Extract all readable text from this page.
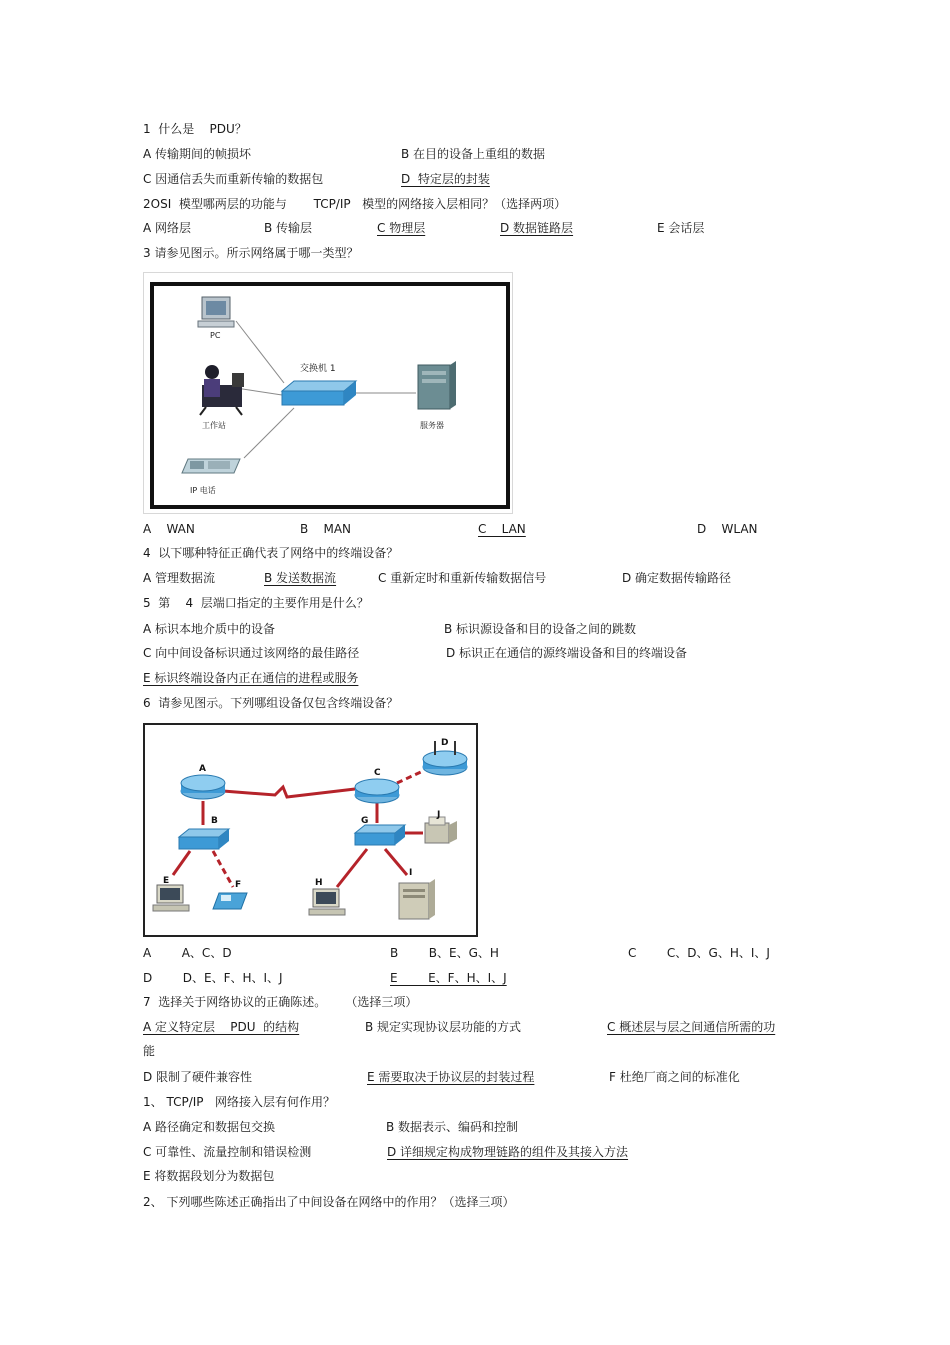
1  什么是    PDU？
A 传输期间的帧损坏	B 在目的设备上重组的数据
C 因通信丢失而重新传输的数据包	D  特定层的封装
2OSI  模型哪两层的功能与       TCP/IP   模型的网络接入层相同？（选择两项）
A 网络层	B 传输层	C 物理层	D 数据链路层	E 会话层
3 请参见图示。所示网络属于哪一类型？
PC
交换机 1
工作站	服务器
IP 电话
A    WAN	B    MAN	C    LAN	D    WLAN
4  以下哪种特征正确代表了网络中的终端设备？
A 管理数据流	B 发送数据流	C 重新定时和重新传输数据信号	D 确定数据传输路径
5  第    4  层端口指定的主要作用是什么？
A 标识本地介质中的设备	B 标识源设备和目的设备之间的跳数
C 向中间设备标识通过该网络的最佳路径	D 标识正在通信的源终端设备和目的终端设备
E 标识终端设备内正在通信的进程或服务
6  请参见图示。下列哪组设备仅包含终端设备？
A
B
C
D
E	F
G
H
I
J
A        A、C、D	B        B、E、G、H	C        C、D、G、H、I、J
D        D、E、F、H、I、J	E        E、F、H、I、J
7  选择关于网络协议的正确陈述。     （选择三项）
A 定义特定层    PDU  的结构	B 规定实现协议层功能的方式	C 概述层与层之间通信所需的功
能
D 限制了硬件兼容性	E 需要取决于协议层的封装过程	F 杜绝厂商之间的标准化
1、 TCP/IP   网络接入层有何作用？
A 路径确定和数据包交换	B 数据表示、编码和控制
C 可靠性、流量控制和错误检测	D 详细规定构成物理链路的组件及其接入方法
E 将数据段划分为数据包
2、 下列哪些陈述正确指出了中间设备在网络中的作用？（选择三项）
